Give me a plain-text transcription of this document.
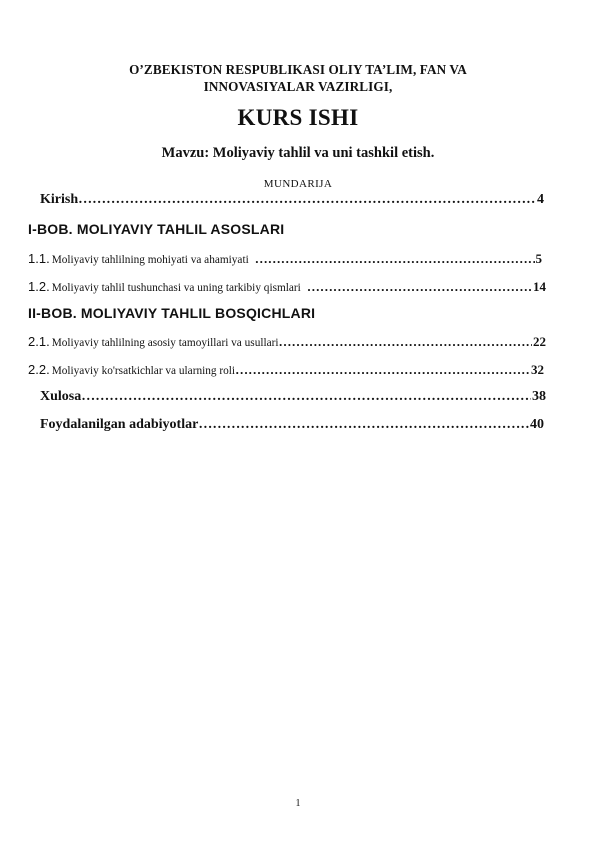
O’ZBEKISTON RESPUBLIKASI OLIY TA’LIM, FAN VA
INNOVASIYALAR VAZIRLIGI,
KURS ISHI
Mavzu: Moliyaviy tahlil va uni tashkil etish.
MUNDARIJA
Kirish ……………………………………………………………………………………………………………………………………………………………………	4
I-BOB. MOLIYAVIY TAHLIL ASOSLARI
1.1. Moliyaviy tahlilning mohiyati va ahamiyati ……………………………………………………………………………………………………………………………………………………………………	5
1.2. Moliyaviy tahlil tushunchasi va uning tarkibiy qismlari ……………………………………………………………………………………………………………………………………………………………………	14
II-BOB. MOLIYAVIY TAHLIL BOSQICHLARI
2.1. Moliyaviy tahlilning asosiy tamoyillari va usullari ……………………………………………………………………………………………………………………………………………………………………	22
2.2. Moliyaviy ko'rsatkichlar va ularning roli ……………………………………………………………………………………………………………………………………………………………………	32
Xulosa ……………………………………………………………………………………………………………………………………………………………………	38
Foydalanilgan adabiyotlar ……………………………………………………………………………………………………………………………………………………………………	40
1
